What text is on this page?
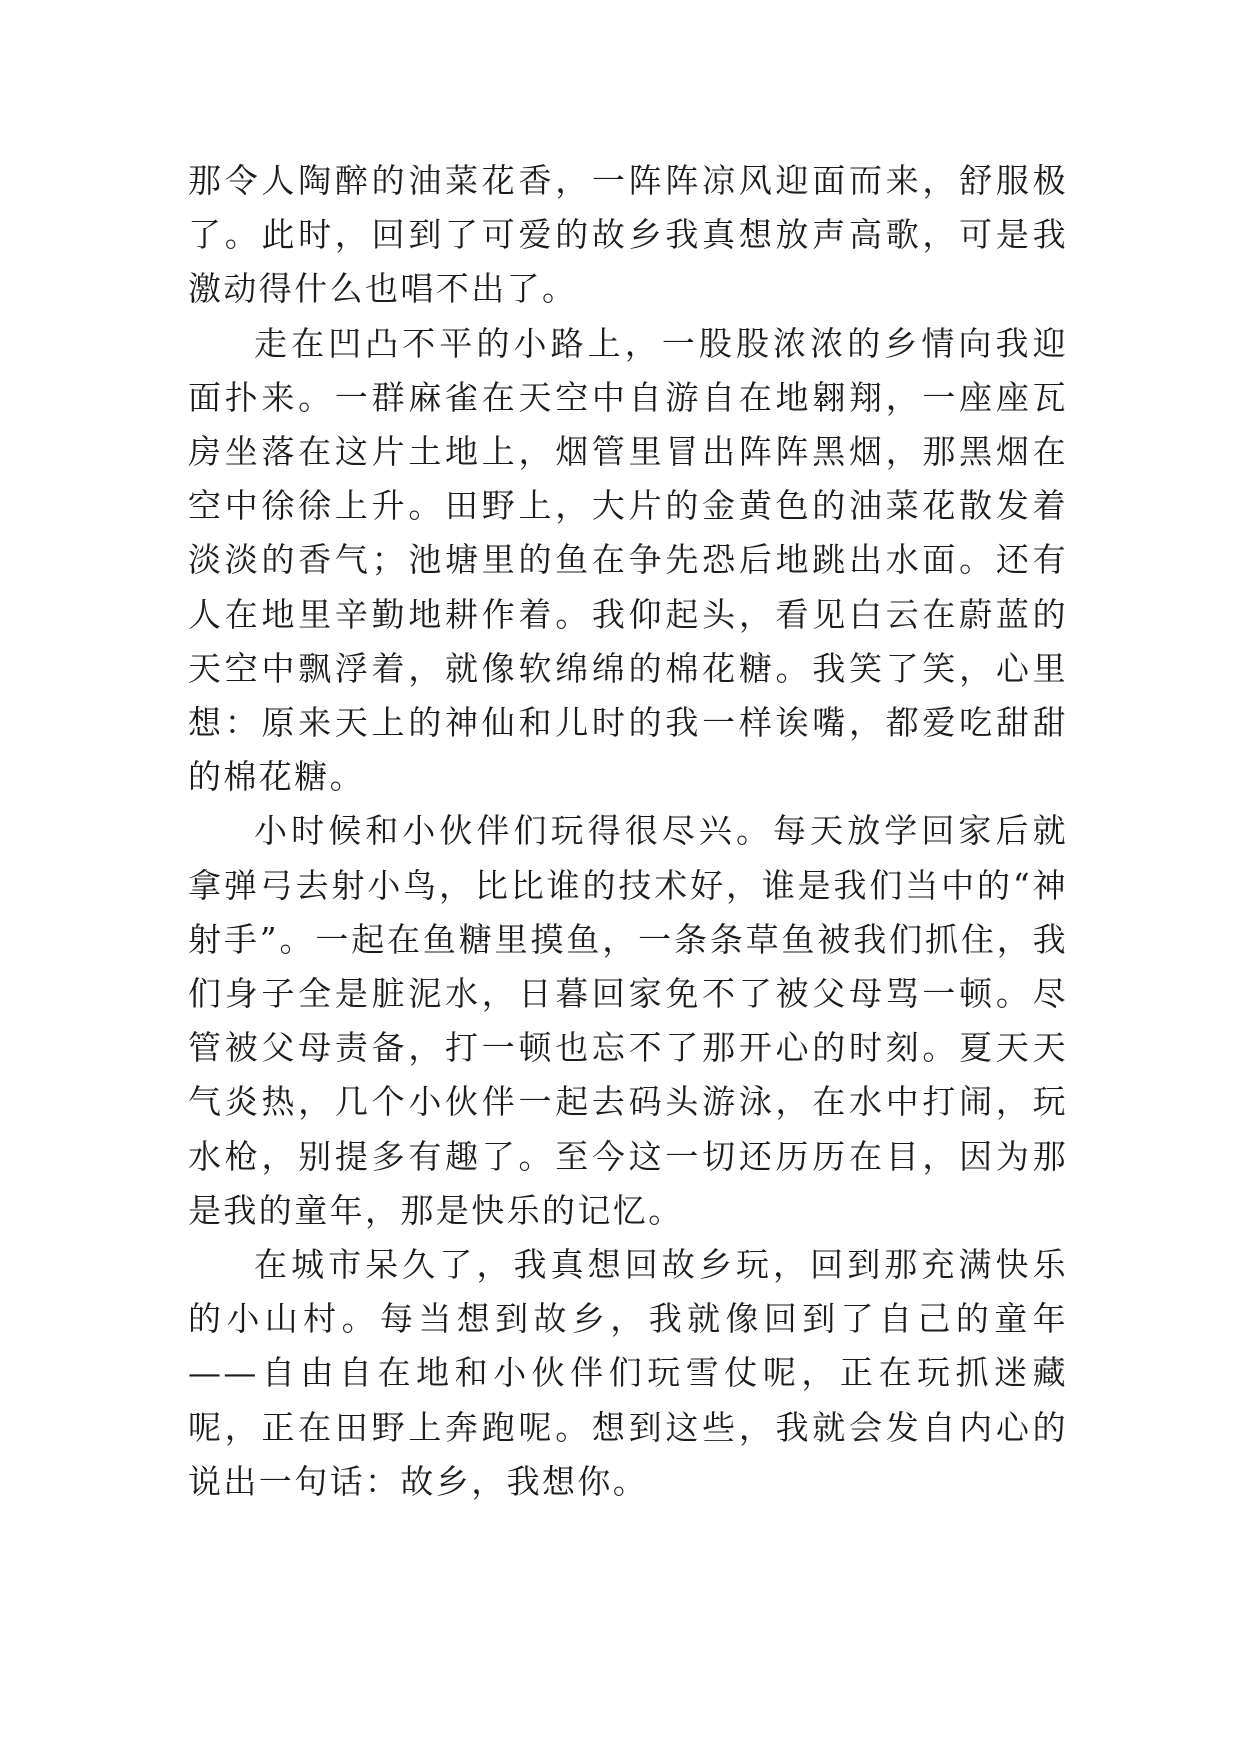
那令人陶醉的油菜花香，一阵阵凉风迎面而来，舒服极了。此时，回到了可爱的故乡我真想放声高歌，可是我激动得什么也唱不出了。

走在凹凸不平的小路上，一股股浓浓的乡情向我迎面扑来。一群麻雀在天空中自游自在地翱翔，一座座瓦房坐落在这片土地上，烟管里冒出阵阵黑烟，那黑烟在空中徐徐上升。田野上，大片的金黄色的油菜花散发着淡淡的香气；池塘里的鱼在争先恐后地跳出水面。还有人在地里辛勤地耕作着。我仰起头，看见白云在蔚蓝的天空中飘浮着，就像软绵绵的棉花糖。我笑了笑，心里想：原来天上的神仙和儿时的我一样诶嘴，都爱吃甜甜的棉花糖。

小时候和小伙伴们玩得很尽兴。每天放学回家后就拿弹弓去射小鸟，比比谁的技术好，谁是我们当中的“神射手”。一起在鱼糖里摸鱼，一条条草鱼被我们抓住，我们身子全是脏泥水，日暮回家免不了被父母骂一顿。尽管被父母责备，打一顿也忘不了那开心的时刻。夏天天气炎热，几个小伙伴一起去码头游泳，在水中打闹，玩水枪，别提多有趣了。至今这一切还历历在目，因为那是我的童年，那是快乐的记忆。

在城市呆久了，我真想回故乡玩，回到那充满快乐的小山村。每当想到故乡，我就像回到了自己的童年——自由自在地和小伙伴们玩雪仗呢，正在玩抓迷藏呢，正在田野上奔跑呢。想到这些，我就会发自内心的说出一句话：故乡，我想你。
